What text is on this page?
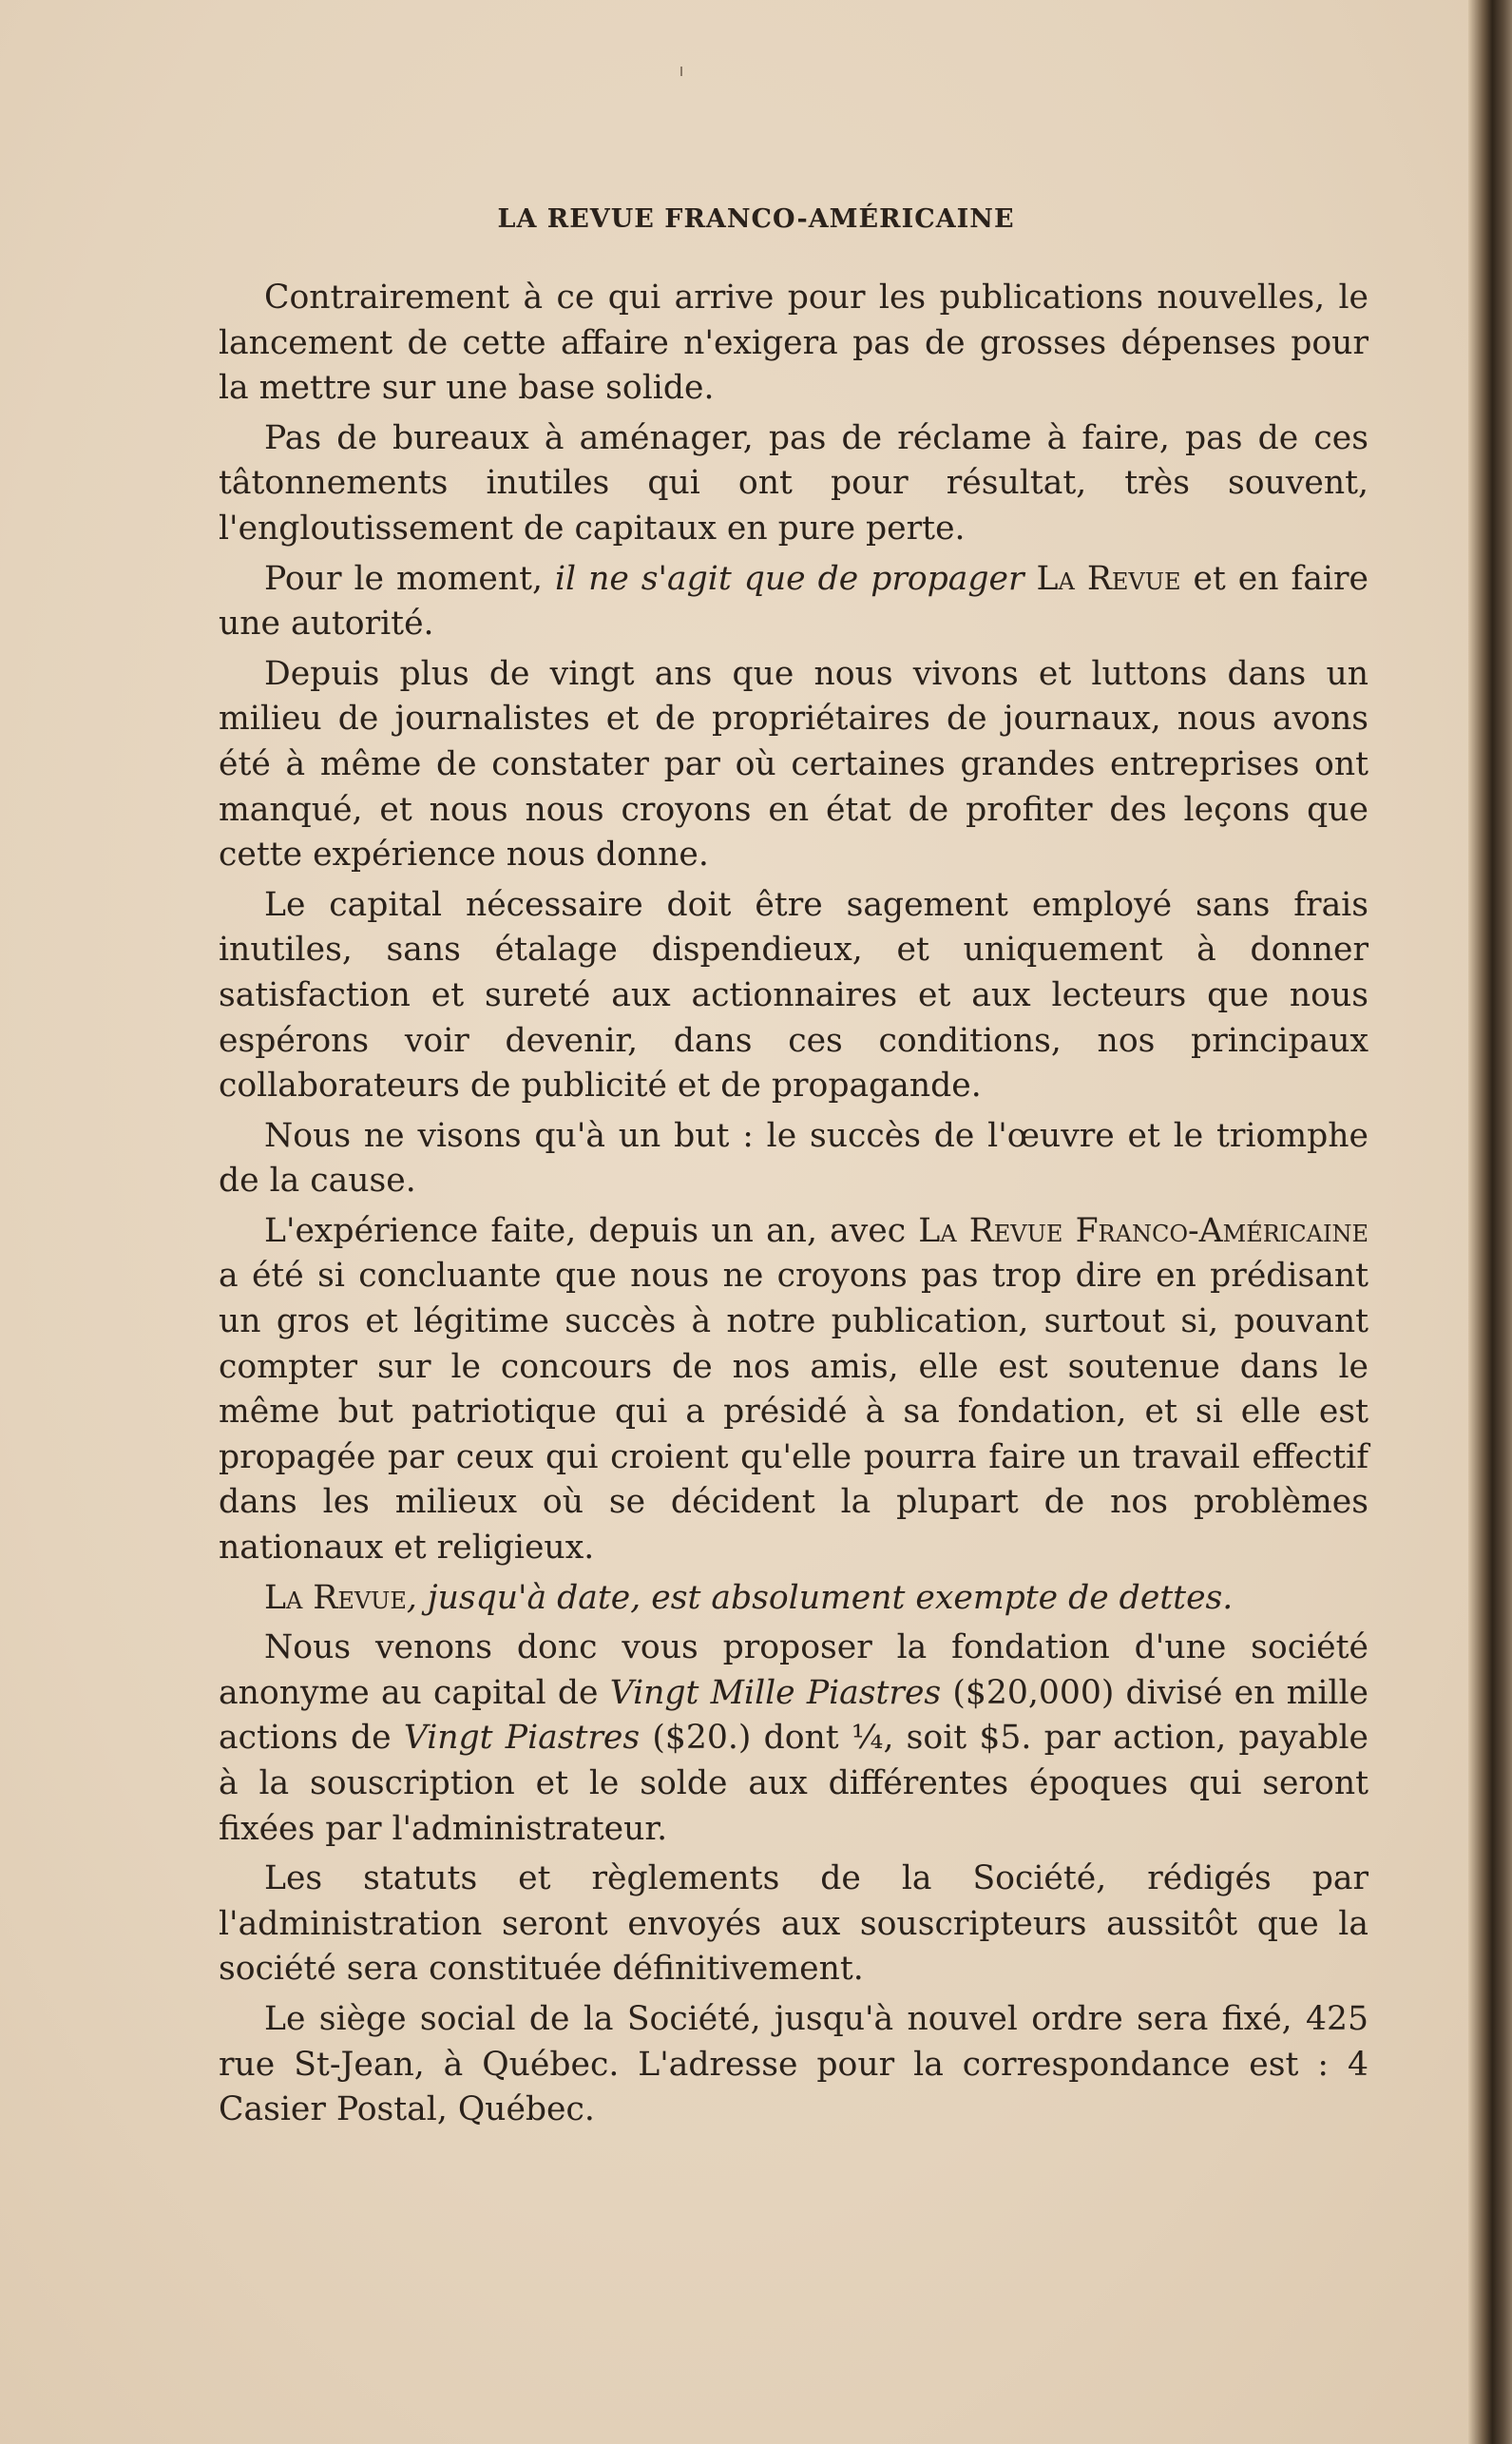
LA REVUE FRANCO-AMÉRICAINE

Contrairement à ce qui arrive pour les publications nouvelles, le lancement de cette affaire n'exigera pas de grosses dépenses pour la mettre sur une base solide.

Pas de bureaux à aménager, pas de réclame à faire, pas de ces tâtonnements inutiles qui ont pour résultat, très souvent, l'engloutissement de capitaux en pure perte.

Pour le moment, il ne s'agit que de propager La Revue et en faire une autorité.

Depuis plus de vingt ans que nous vivons et luttons dans un milieu de journalistes et de propriétaires de journaux, nous avons été à même de constater par où certaines grandes entreprises ont manqué, et nous nous croyons en état de profiter des leçons que cette expérience nous donne.

Le capital nécessaire doit être sagement employé sans frais inutiles, sans étalage dispendieux, et uniquement à donner satisfaction et sureté aux actionnaires et aux lecteurs que nous espérons voir devenir, dans ces conditions, nos principaux collaborateurs de publicité et de propagande.

Nous ne visons qu'à un but : le succès de l'œuvre et le triomphe de la cause.

L'expérience faite, depuis un an, avec La Revue Franco-Américaine a été si concluante que nous ne croyons pas trop dire en prédisant un gros et légitime succès à notre publication, surtout si, pouvant compter sur le concours de nos amis, elle est soutenue dans le même but patriotique qui a présidé à sa fondation, et si elle est propagée par ceux qui croient qu'elle pourra faire un travail effectif dans les milieux où se décident la plupart de nos problèmes nationaux et religieux.

La Revue, jusqu'à date, est absolument exempte de dettes.

Nous venons donc vous proposer la fondation d'une société anonyme au capital de Vingt Mille Piastres ($20,000) divisé en mille actions de Vingt Piastres ($20.) dont ¼, soit $5. par action, payable à la souscription et le solde aux différentes époques qui seront fixées par l'administrateur.

Les statuts et règlements de la Société, rédigés par l'administration seront envoyés aux souscripteurs aussitôt que la société sera constituée définitivement.

Le siège social de la Société, jusqu'à nouvel ordre sera fixé, 425 rue St-Jean, à Québec. L'adresse pour la correspondance est : 4 Casier Postal, Québec.
